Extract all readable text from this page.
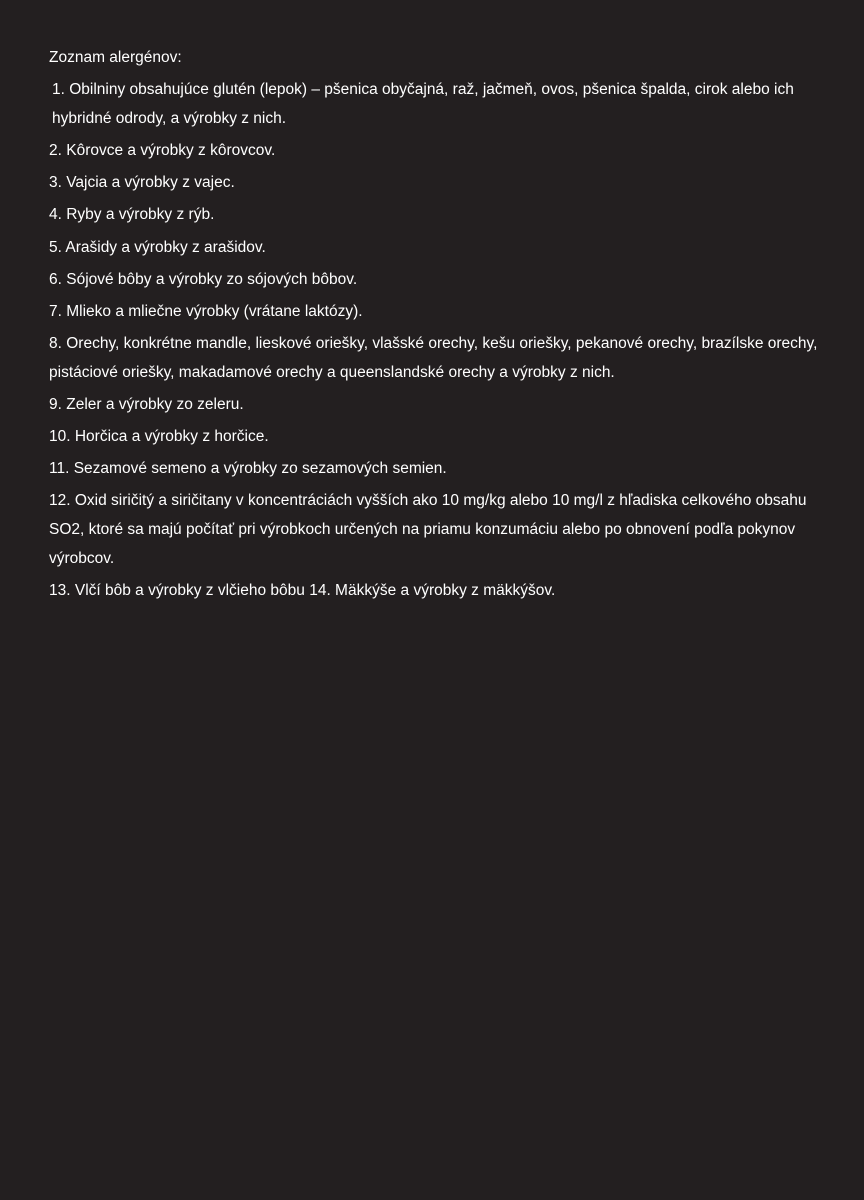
Zoznam alergénov:
1. Obilniny obsahujúce glutén (lepok) – pšenica obyčajná, raž, jačmeň, ovos, pšenica špalda, cirok alebo ich hybridné odrody, a výrobky z nich.
2. Kôrovce a výrobky z kôrovcov.
3. Vajcia a výrobky z vajec.
4. Ryby a výrobky z rýb.
5. Arašidy a výrobky z arašidov.
6. Sójové bôby a výrobky zo sójových bôbov.
7. Mlieko a mliečne výrobky (vrátane laktózy).
8. Orechy, konkrétne mandle, lieskové oriešky, vlašské orechy, kešu oriešky, pekanové orechy, brazílske orechy, pistáciové oriešky, makadamové orechy a queenslandské orechy a výrobky z nich.
9. Zeler a výrobky zo zeleru.
10. Horčica a výrobky z horčice.
11. Sezamové semeno a výrobky zo sezamových semien.
12. Oxid siričitý a siričitany v koncentráciách vyšších ako 10 mg/kg alebo 10 mg/l z hľadiska celkového obsahu SO2, ktoré sa majú počítať pri výrobkoch určených na priamu konzumáciu alebo po obnovení podľa pokynov výrobcov.
13. Vlčí bôb a výrobky z vlčieho bôbu 14. Mäkkýše a výrobky z mäkkýšov.
